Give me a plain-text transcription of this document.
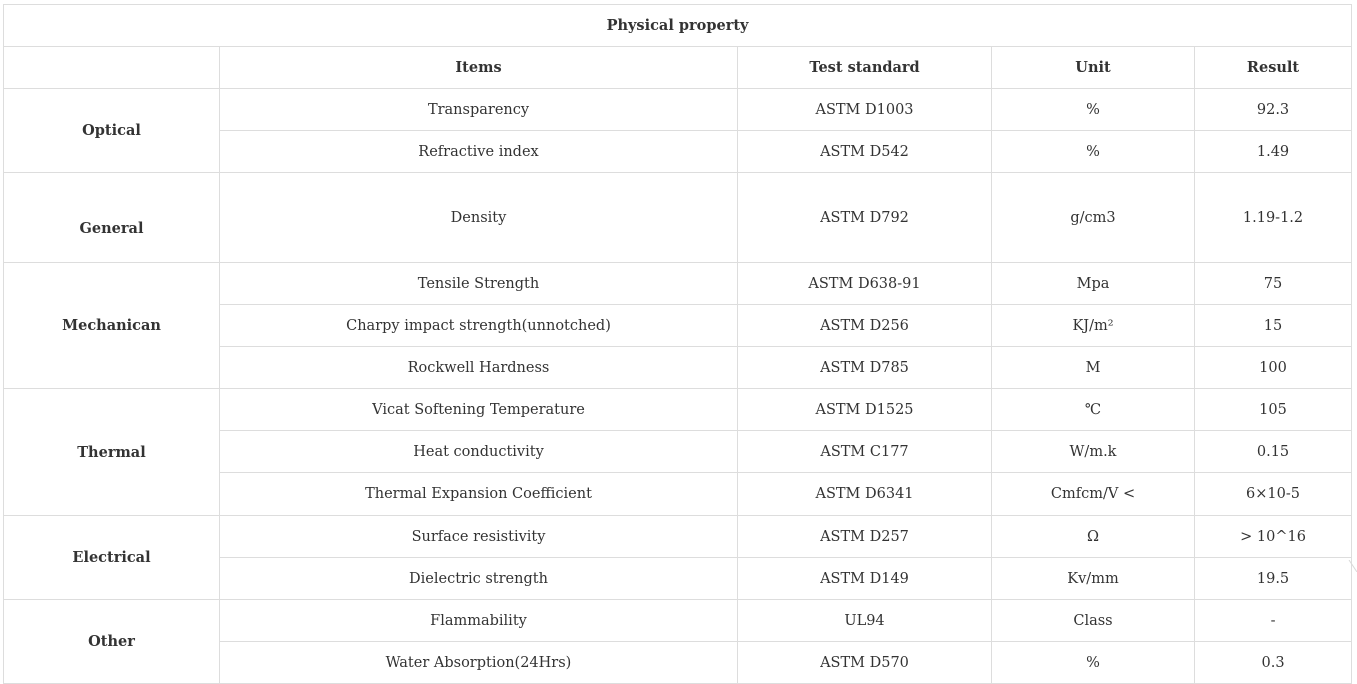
Physical property				
	Items	Test standard	Unit	Result
Optical	Transparency	ASTM D1003	%	92.3
	Refractive index	ASTM D542	%	1.49
General	Density	ASTM D792	g/cm3	1.19-1.2
Mechanican	Tensile Strength	ASTM D638-91	Mpa	75
	Charpy impact strength(unnotched)	ASTM D256	KJ/m²	15
	Rockwell Hardness	ASTM D785	M	100
Thermal	Vicat Softening Temperature	ASTM D1525	℃	105
	Heat conductivity	ASTM C177	W/m.k	0.15
	Thermal Expansion Coefficient	ASTM D6341	Cmfcm/V <	6×10-5
Electrical	Surface resistivity	ASTM D257	Ω	> 10^16
	Dielectric strength	ASTM D149	Kv/mm	19.5
Other	Flammability	UL94	Class	-
	Water Absorption(24Hrs)	ASTM D570	%	0.3
